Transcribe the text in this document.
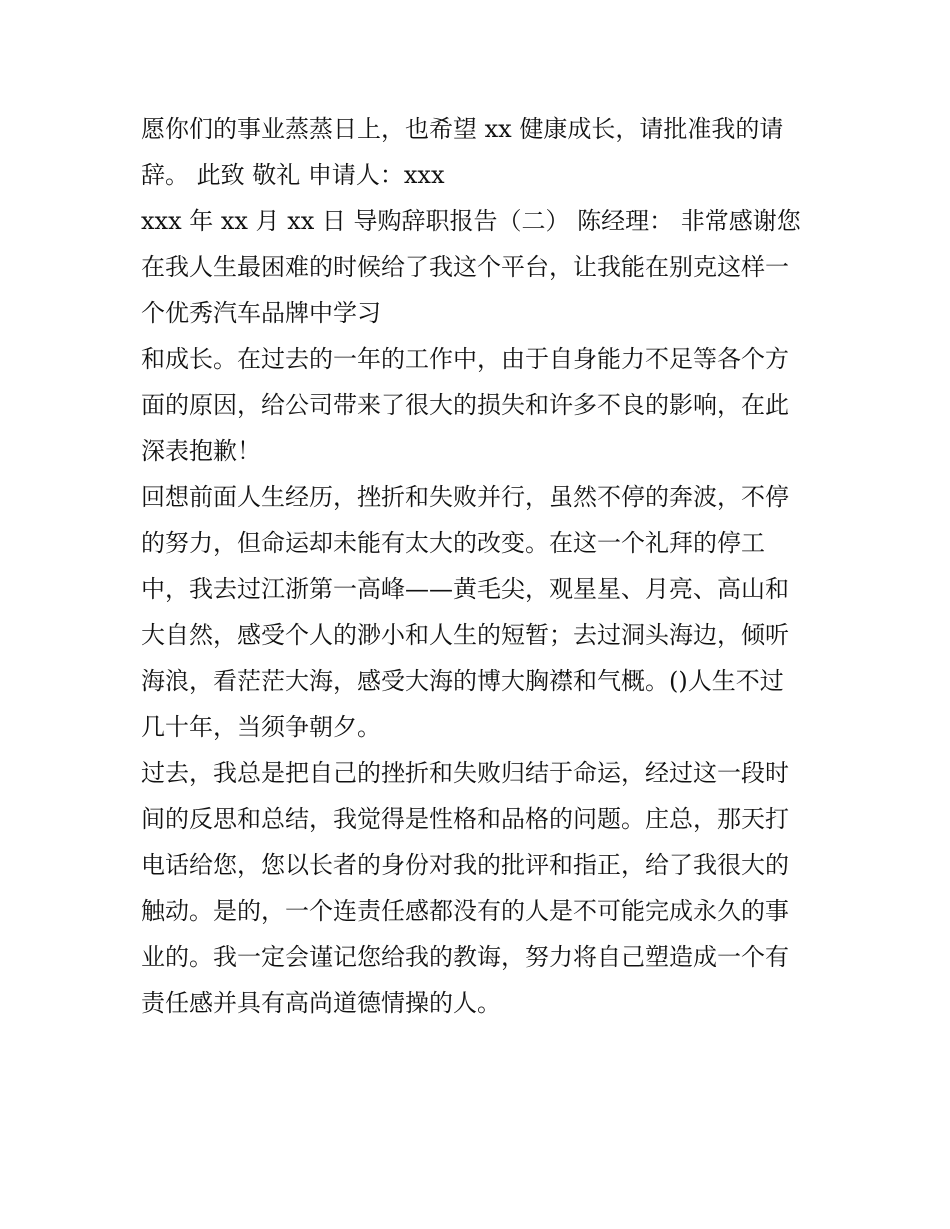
愿你们的事业蒸蒸日上，也希望 xx 健康成长，请批准我的请
辞。 此致 敬礼 申请人：xxx
xxx 年 xx 月 xx 日 导购辞职报告（二） 陈经理： 非常感谢您
在我人生最困难的时候给了我这个平台，让我能在别克这样一
个优秀汽车品牌中学习
和成长。在过去的一年的工作中，由于自身能力不足等各个方
面的原因，给公司带来了很大的损失和许多不良的影响，在此
深表抱歉！
回想前面人生经历，挫折和失败并行，虽然不停的奔波，不停
的努力，但命运却未能有太大的改变。在这一个礼拜的停工
中，我去过江浙第一高峰——黄毛尖，观星星、月亮、高山和
大自然，感受个人的渺小和人生的短暂；去过洞头海边，倾听
海浪，看茫茫大海，感受大海的博大胸襟和气概。()人生不过
几十年，当须争朝夕。
过去，我总是把自己的挫折和失败归结于命运，经过这一段时
间的反思和总结，我觉得是性格和品格的问题。庄总，那天打
电话给您，您以长者的身份对我的批评和指正，给了我很大的
触动。是的，一个连责任感都没有的人是不可能完成永久的事
业的。我一定会谨记您给我的教诲，努力将自己塑造成一个有
责任感并具有高尚道德情操的人。
